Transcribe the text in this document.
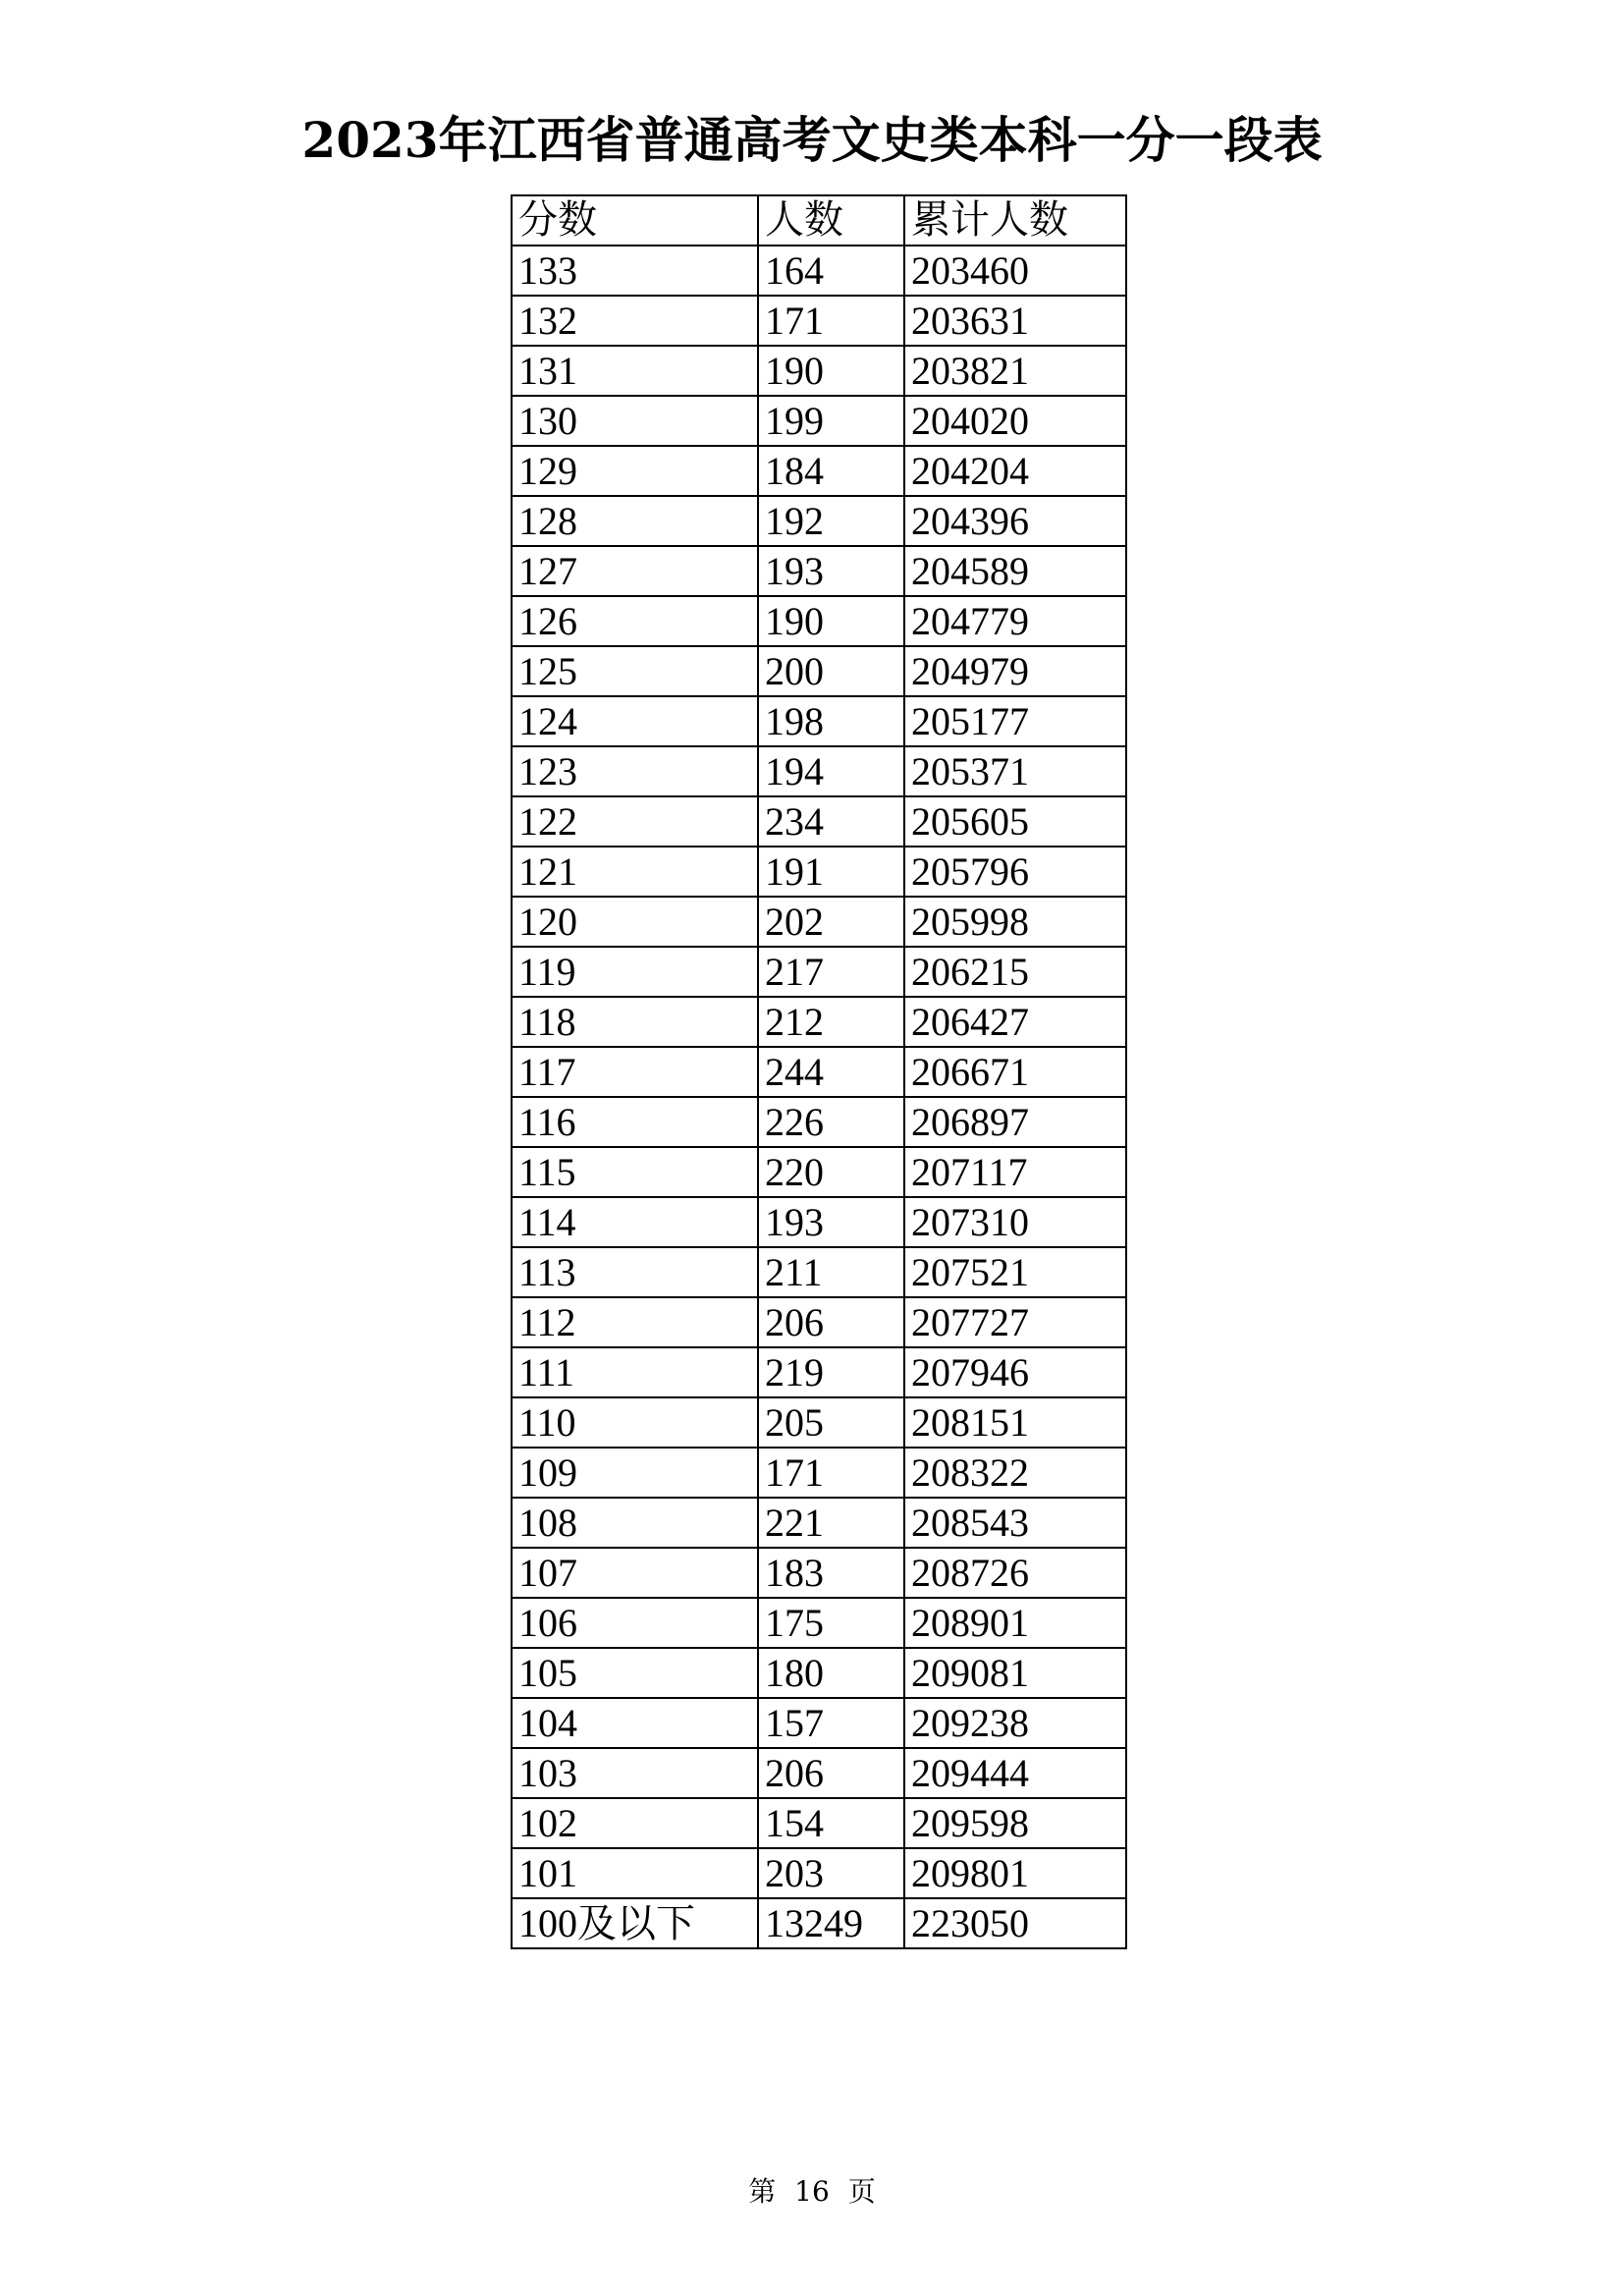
2023年江西省普通高考文史类本科一分一段表
分数	人数	累计人数
133	164	203460
132	171	203631
131	190	203821
130	199	204020
129	184	204204
128	192	204396
127	193	204589
126	190	204779
125	200	204979
124	198	205177
123	194	205371
122	234	205605
121	191	205796
120	202	205998
119	217	206215
118	212	206427
117	244	206671
116	226	206897
115	220	207117
114	193	207310
113	211	207521
112	206	207727
111	219	207946
110	205	208151
109	171	208322
108	221	208543
107	183	208726
106	175	208901
105	180	209081
104	157	209238
103	206	209444
102	154	209598
101	203	209801
100及以下	13249	223050
第 16 页
